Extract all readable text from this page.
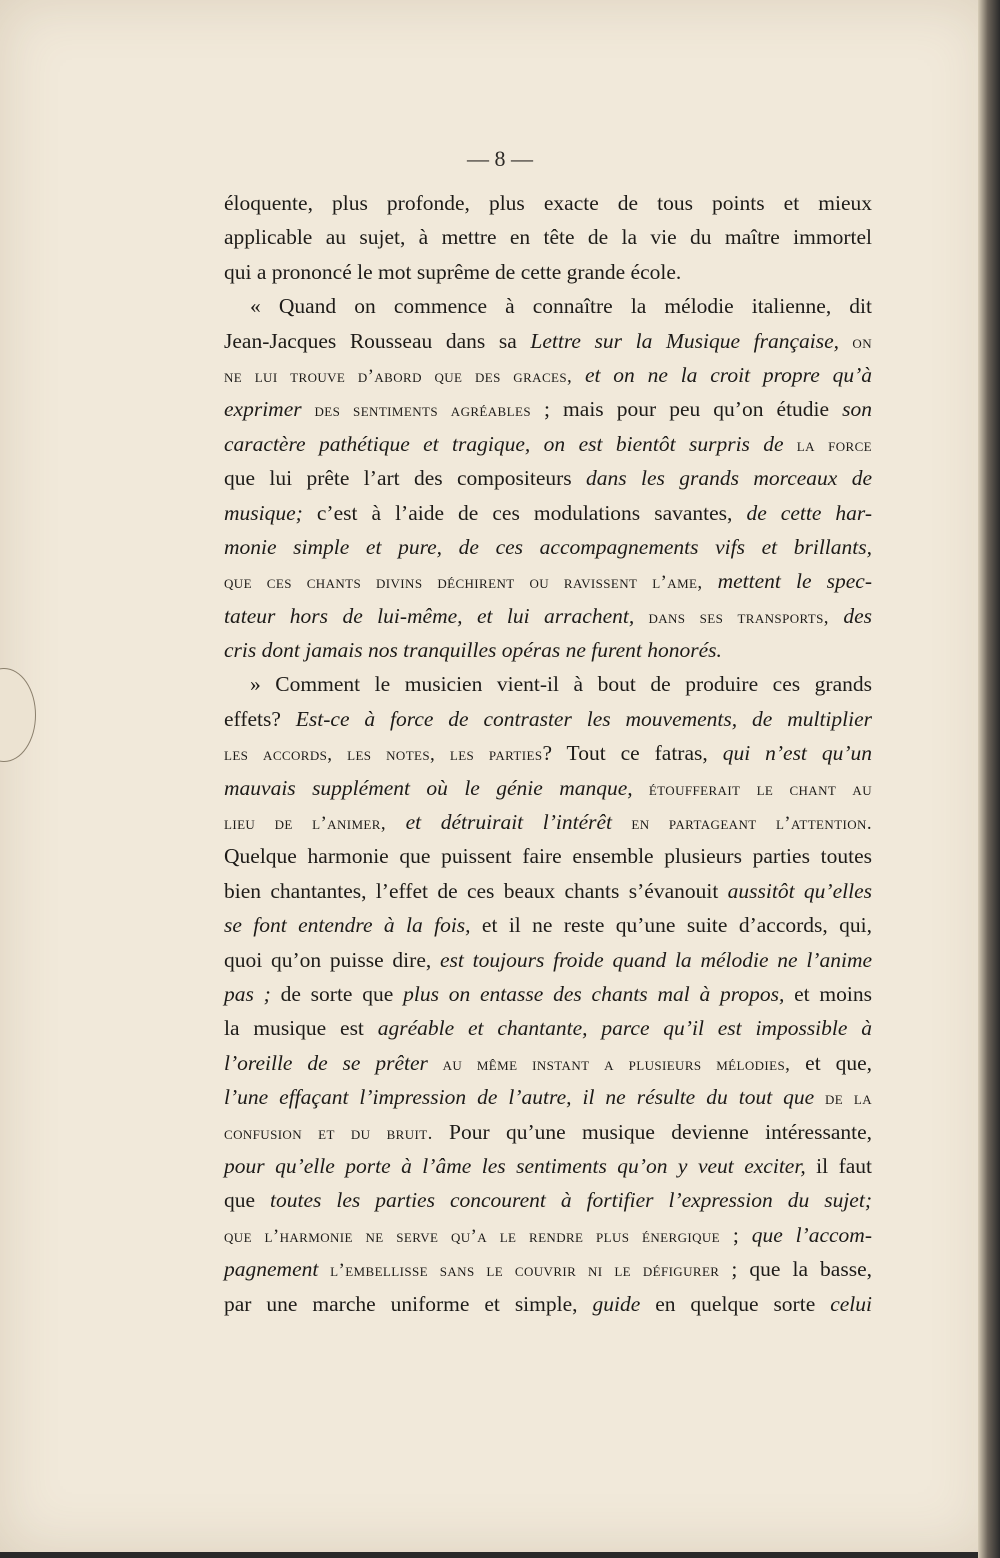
— 8 —
éloquente, plus profonde, plus exacte de tous points et mieux
applicable au sujet, à mettre en tête de la vie du maître immortel
qui a prononcé le mot suprême de cette grande école.
« Quand on commence à connaître la mélodie italienne, dit
Jean-Jacques Rousseau dans sa Lettre sur la Musique française, on
ne lui trouve d’abord que des graces, et on ne la croit propre qu’à
exprimer des sentiments agréables ; mais pour peu qu’on étudie son
caractère pathétique et tragique, on est bientôt surpris de la force
que lui prête l’art des compositeurs dans les grands morceaux de
musique; c’est à l’aide de ces modulations savantes, de cette har-
monie simple et pure, de ces accompagnements vifs et brillants,
que ces chants divins déchirent ou ravissent l’ame, mettent le spec-
tateur hors de lui-même, et lui arrachent, dans ses transports, des
cris dont jamais nos tranquilles opéras ne furent honorés.
» Comment le musicien vient-il à bout de produire ces grands
effets? Est-ce à force de contraster les mouvements, de multiplier
les accords, les notes, les parties? Tout ce fatras, qui n’est qu’un
mauvais supplément où le génie manque, étoufferait le chant au
lieu de l’animer, et détruirait l’intérêt en partageant l’attention.
Quelque harmonie que puissent faire ensemble plusieurs parties toutes
bien chantantes, l’effet de ces beaux chants s’évanouit aussitôt qu’elles
se font entendre à la fois, et il ne reste qu’une suite d’accords, qui,
quoi qu’on puisse dire, est toujours froide quand la mélodie ne l’anime
pas ; de sorte que plus on entasse des chants mal à propos, et moins
la musique est agréable et chantante, parce qu’il est impossible à
l’oreille de se prêter au même instant a plusieurs mélodies, et que,
l’une effaçant l’impression de l’autre, il ne résulte du tout que de la
confusion et du bruit. Pour qu’une musique devienne intéressante,
pour qu’elle porte à l’âme les sentiments qu’on y veut exciter, il faut
que toutes les parties concourent à fortifier l’expression du sujet;
que l’harmonie ne serve qu’a le rendre plus énergique ; que l’accom-
pagnement l’embellisse sans le couvrir ni le défigurer ; que la basse,
par une marche uniforme et simple, guide en quelque sorte celui
